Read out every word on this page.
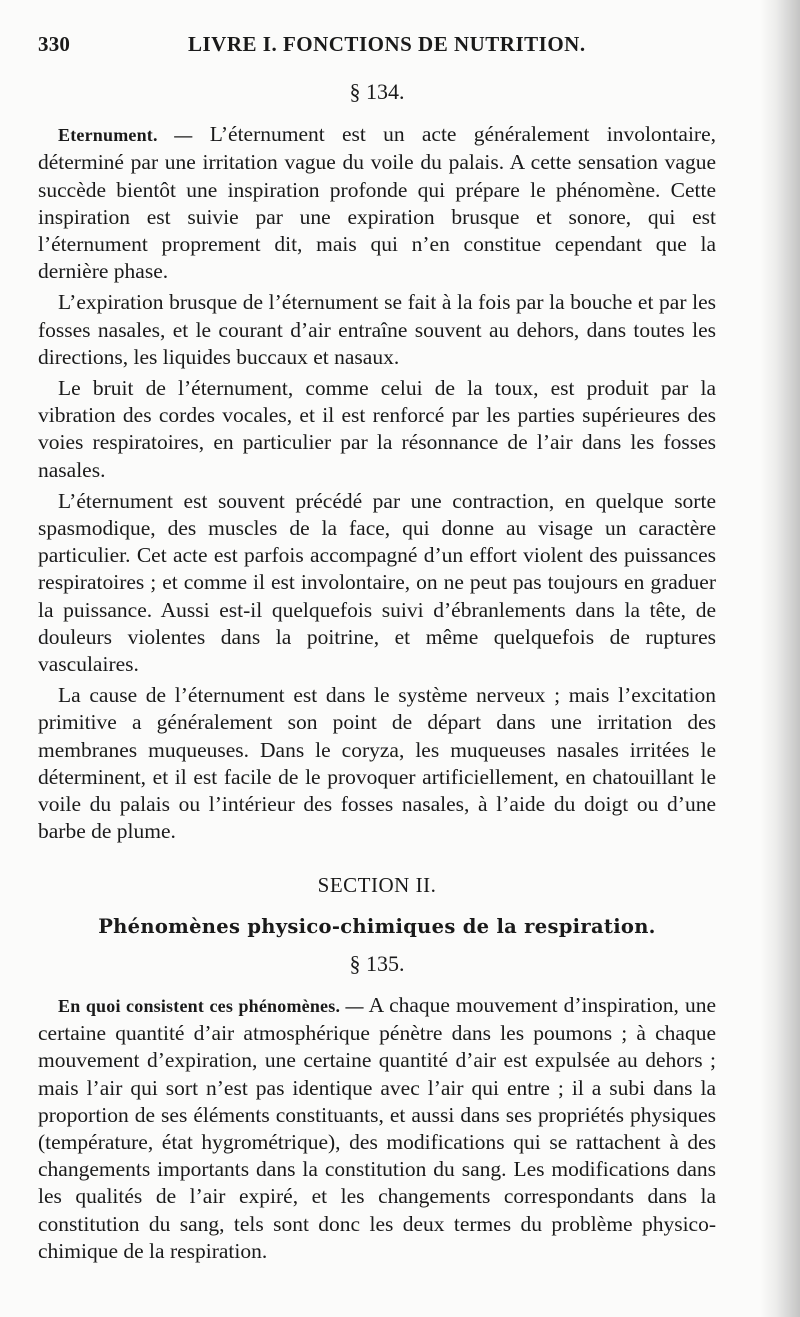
330	LIVRE I. FONCTIONS DE NUTRITION.

§ 134.

Eternument. — L’éternument est un acte généralement involontaire, déterminé par une irritation vague du voile du palais. A cette sensation vague succède bientôt une inspiration profonde qui prépare le phénomène. Cette inspiration est suivie par une expiration brusque et sonore, qui est l’éternument proprement dit, mais qui n’en constitue cependant que la dernière phase.

L’expiration brusque de l’éternument se fait à la fois par la bouche et par les fosses nasales, et le courant d’air entraîne souvent au dehors, dans toutes les directions, les liquides buccaux et nasaux.

Le bruit de l’éternument, comme celui de la toux, est produit par la vibration des cordes vocales, et il est renforcé par les parties supérieures des voies respiratoires, en particulier par la résonnance de l’air dans les fosses nasales.

L’éternument est souvent précédé par une contraction, en quelque sorte spasmodique, des muscles de la face, qui donne au visage un caractère particulier. Cet acte est parfois accompagné d’un effort violent des puissances respiratoires ; et comme il est involontaire, on ne peut pas toujours en graduer la puissance. Aussi est-il quelquefois suivi d’ébranlements dans la tête, de douleurs violentes dans la poitrine, et même quelquefois de ruptures vasculaires.

La cause de l’éternument est dans le système nerveux ; mais l’excitation primitive a généralement son point de départ dans une irritation des membranes muqueuses. Dans le coryza, les muqueuses nasales irritées le déterminent, et il est facile de le provoquer artificiellement, en chatouillant le voile du palais ou l’intérieur des fosses nasales, à l’aide du doigt ou d’une barbe de plume.

SECTION II.

Phénomènes physico-chimiques de la respiration.

§ 135.

En quoi consistent ces phénomènes. — A chaque mouvement d’inspiration, une certaine quantité d’air atmosphérique pénètre dans les poumons ; à chaque mouvement d’expiration, une certaine quantité d’air est expulsée au dehors ; mais l’air qui sort n’est pas identique avec l’air qui entre ; il a subi dans la proportion de ses éléments constituants, et aussi dans ses propriétés physiques (température, état hygrométrique), des modifications qui se rattachent à des changements importants dans la constitution du sang. Les modifications dans les qualités de l’air expiré, et les changements correspondants dans la constitution du sang, tels sont donc les deux termes du problème physico-chimique de la respiration.
